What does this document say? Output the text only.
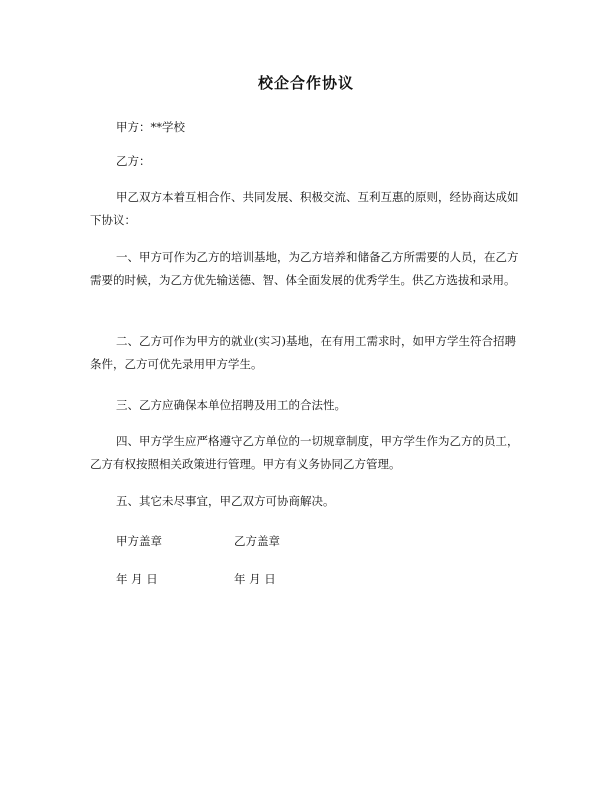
校企合作协议
甲方：**学校
乙方：
甲乙双方本着互相合作、共同发展、积极交流、互利互惠的原则，经协商达成如下协议：
一、甲方可作为乙方的培训基地，为乙方培养和储备乙方所需要的人员，在乙方需要的时候，为乙方优先输送德、智、体全面发展的优秀学生。供乙方选拔和录用。
二、乙方可作为甲方的就业(实习)基地，在有用工需求时，如甲方学生符合招聘条件，乙方可优先录用甲方学生。
三、乙方应确保本单位招聘及用工的合法性。
四、甲方学生应严格遵守乙方单位的一切规章制度，甲方学生作为乙方的员工，乙方有权按照相关政策进行管理。甲方有义务协同乙方管理。
五、其它未尽事宜，甲乙双方可协商解决。
甲方盖章	乙方盖章
年 月 日	年 月 日
